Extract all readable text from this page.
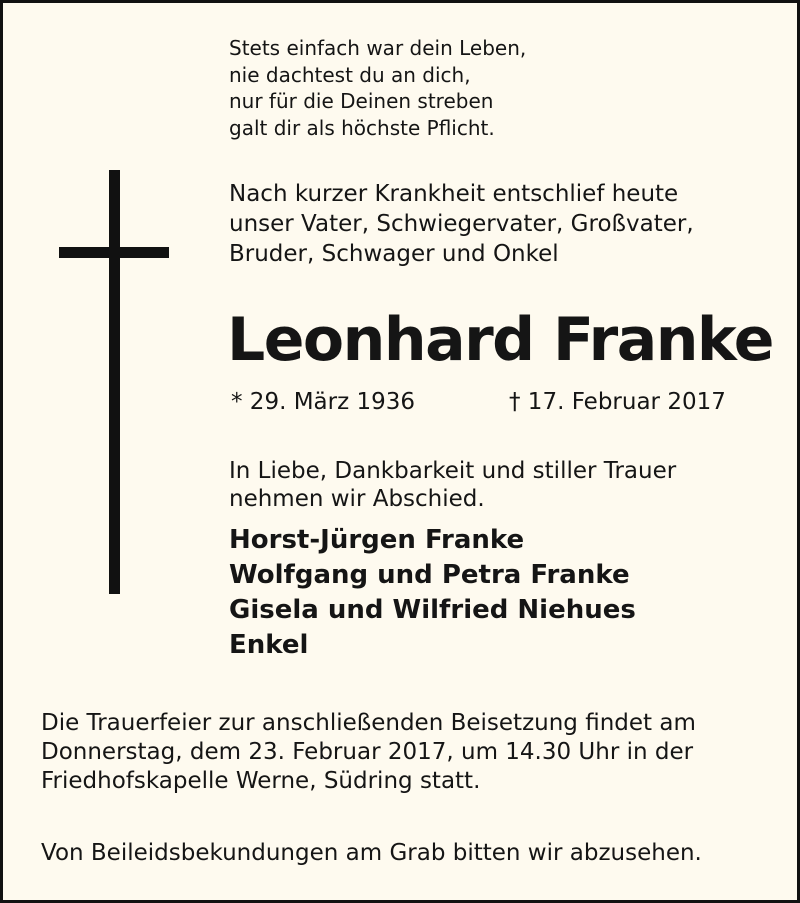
Stets einfach war dein Leben,
nie dachtest du an dich,
nur für die Deinen streben
galt dir als höchste Pflicht.
Nach kurzer Krankheit entschlief heute
unser Vater, Schwiegervater, Großvater,
Bruder, Schwager und Onkel
Leonhard Franke
* 29. März 1936	† 17. Februar 2017
In Liebe, Dankbarkeit und stiller Trauer
nehmen wir Abschied.
Horst-Jürgen Franke
Wolfgang und Petra Franke
Gisela und Wilfried Niehues
Enkel
Die Trauerfeier zur anschließenden Beisetzung findet am
Donnerstag, dem 23. Februar 2017, um 14.30 Uhr in der
Friedhofskapelle Werne, Südring statt.
Von Beileidsbekundungen am Grab bitten wir abzusehen.
